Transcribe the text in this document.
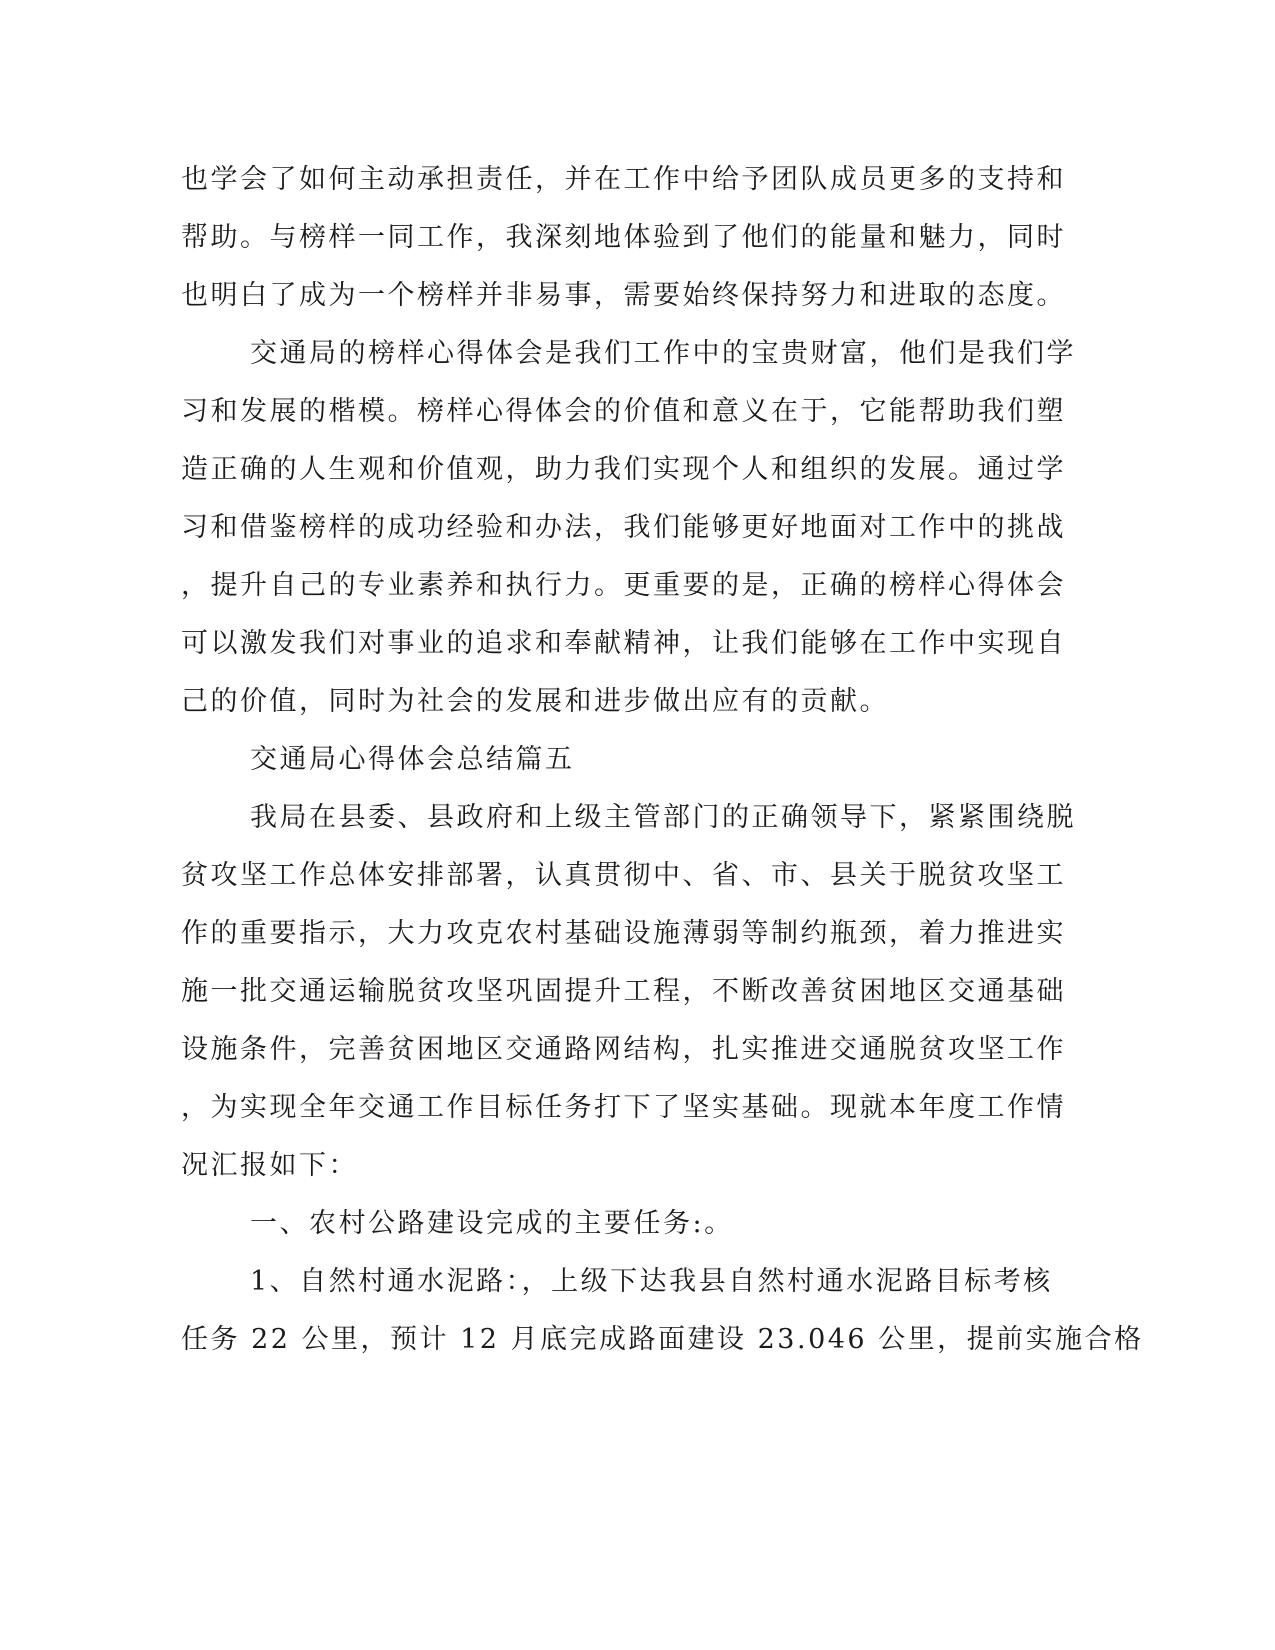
也学会了如何主动承担责任，并在工作中给予团队成员更多的支持和
帮助。与榜样一同工作，我深刻地体验到了他们的能量和魅力，同时
也明白了成为一个榜样并非易事，需要始终保持努力和进取的态度。
交通局的榜样心得体会是我们工作中的宝贵财富，他们是我们学
习和发展的楷模。榜样心得体会的价值和意义在于，它能帮助我们塑
造正确的人生观和价值观，助力我们实现个人和组织的发展。通过学
习和借鉴榜样的成功经验和办法，我们能够更好地面对工作中的挑战
，提升自己的专业素养和执行力。更重要的是，正确的榜样心得体会
可以激发我们对事业的追求和奉献精神，让我们能够在工作中实现自
己的价值，同时为社会的发展和进步做出应有的贡献。
交通局心得体会总结篇五
我局在县委、县政府和上级主管部门的正确领导下，紧紧围绕脱
贫攻坚工作总体安排部署，认真贯彻中、省、市、县关于脱贫攻坚工
作的重要指示，大力攻克农村基础设施薄弱等制约瓶颈，着力推进实
施一批交通运输脱贫攻坚巩固提升工程，不断改善贫困地区交通基础
设施条件，完善贫困地区交通路网结构，扎实推进交通脱贫攻坚工作
，为实现全年交通工作目标任务打下了坚实基础。现就本年度工作情
况汇报如下：
一、农村公路建设完成的主要任务:。
1、自然村通水泥路：，上级下达我县自然村通水泥路目标考核
任务 22 公里，预计 12 月底完成路面建设 23.046 公里，提前实施合格
